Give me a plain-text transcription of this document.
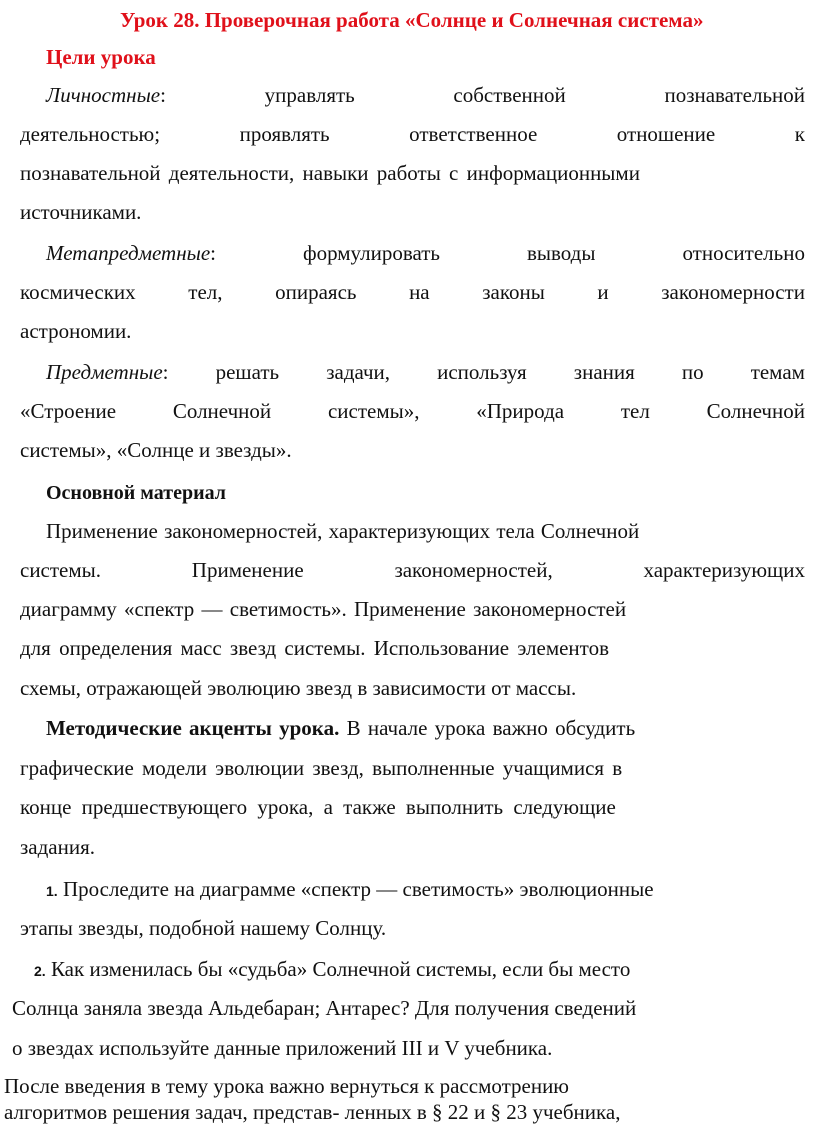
Урок 28. Проверочная работа «Солнце и Солнечная система»
Цели урока
Личностные:	управлять	собственной	познавательной
деятельностью;	проявлять	ответственное	отношение	к
познавательной деятельности, навыки работы с информационными
источниками.
Метапредметные:	формулировать	выводы	относительно
космических	тел,	опираясь	на	законы	и	закономерности
астрономии.
Предметные: решать задачи, используя знания по темам
«Строение	Солнечной	системы»,	«Природа	тел	Солнечной
системы», «Солнце и звезды».
Основной материал
Применение закономерностей, характеризующих тела Солнечной
системы.	Применение	закономерностей,	характеризующих
диаграмму «спектр — светимость». Применение закономерностей
для определения масс звезд системы. Использование элементов
схемы, отражающей эволюцию звезд в зависимости от массы.
Методические акценты урока. В начале урока важно обсудить
графические модели эволюции звезд, выполненные учащимися в
конце предшествующего урока, а также выполнить следующие
задания.
1. Проследите на диаграмме «спектр — светимость» эволюционные
этапы звезды, подобной нашему Солнцу.
2. Как изменилась бы «судьба» Солнечной системы, если бы место
Солнца заняла звезда Альдебаран; Антарес? Для получения сведений
о звездах используйте данные приложений III и V учебника.
После введения в тему урока важно вернуться к рассмотрению
алгоритмов решения задач, представ- ленных в § 22 и § 23 учебника,
